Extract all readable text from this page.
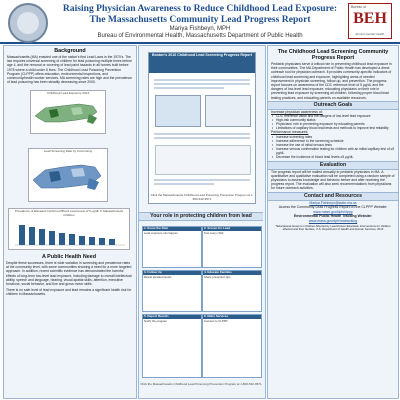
Raising Physician Awareness to Reduce Childhood Lead Exposure:
The Massachusetts Community Lead Progress Report
Mariya Fishbeyn, MPH
Bureau of Environmental Health, Massachusetts Department of Public Health
Bureau of
BEH
Environmental Health
Background

Massachusetts (MA) enacted one of the nation's first Lead Laws in the 1970's. The law requires universal screening of children for lead poisoning multiple times before age 4, and the removal or covering of lead paint hazards in all homes built before 1978 where a child under 6 lives. The Childhood Lead Poisoning Prevention Program (CLPPP) offers education, environmental inspections, and community/health worker services. MA screening rates are high and the prevalence of lead poisoning has been steadily decreasing since 2000.

Childhood Lead Exposure 2013
Lead Screening Rate by Community
Prevalence of Elevated Confirmed Blood Lead levels of 5 µg/dL in Massachusetts Children
A Public Health Need

Despite these successes, there is wide variation in screening and prevalence rates at the community level, with some communities showing a need for a more targeted approach. In addition, recent scientific evidence has demonstrated the harmful effects of long-term low-level lead exposure, including damage to overall intellectual ability, speech and language, hearing, visual-spatial skills, attention, executive functions, social behavior, and fine and gross motor skills.

There is no safe level of lead exposure and lead remains a significant health risk for children in Massachusetts.

Boston's 2016 Childhood Lead Screening Progress Report
Click the Massachusetts Childhood Lead Poisoning Prevention Program at 1-800-532-9571
Your role in protecting children from lead
1. Know the Risk
Lead exposure can happen
2. Screen for Lead
Test every child
3. Follow Up
Retest elevated levels
4. Educate Families
Share prevention tips
5. Report Results
Notify the program
6. Refer Services
Connect to CLPPP
Click the Massachusetts Childhood Lead Poisoning Prevention Program at 1-800-532-9571
The Childhood Lead Screening Community Progress Report

Pediatric physicians serve a critical role in preventing childhood lead exposure in their communities. The MA Department of Public Health has developed a direct outreach tool for physician outreach. It provides community-specific indicators of childhood lead screening and exposure, highlighting areas of needed improvement in physician screening, follow-up, and prevention. The progress report focuses on awareness of the CDC reference level of 5 µg/dL and the dangers of low-level lead exposure, educating physicians on their role in preventing lead exposure by screening all children, following proper blood lead testing practices, and educating parents on available resources.

Outreach Goals
Increase physician awareness of:
• CDC reference value and the dangers of low-level lead exposure
• High-risk community status
• Physicians' role in preventing exposure by educating parents
• Limitations of capillary blood lead tests and methods to improve test reliability
Performance measures:
• Increase screening rates
• Increase adherence to the screening schedule
• Increase the use of initial venous tests
• Increase venous confirmation testing for children with an initial capillary test of ≥5 µg/dL
• Decrease the incidence of blood lead levels ≥5 µg/dL
Evaluation

The progress report will be mailed annually to pediatric physicians in MA. A quantitative and qualitative evaluation will be completed using a random sample of physicians to assess knowledge and behavior before and after receiving the progress report. The evaluation will also seek recommendations from physicians for future outreach activities.

Contact and Resources
Mariya.Fishbeyn@state.ma.us
Access the Community Lead Progress Report on the CLPPP Website:
www.mass.gov/dph/clppp
Environmental Public Health Tracking Website:
www.mass.gov/dph/matracking
*Educational Group for Children Affected by Lead Poison Education Interventions for children affected and their families, U.S. Department of Health and Human Services, 2013
